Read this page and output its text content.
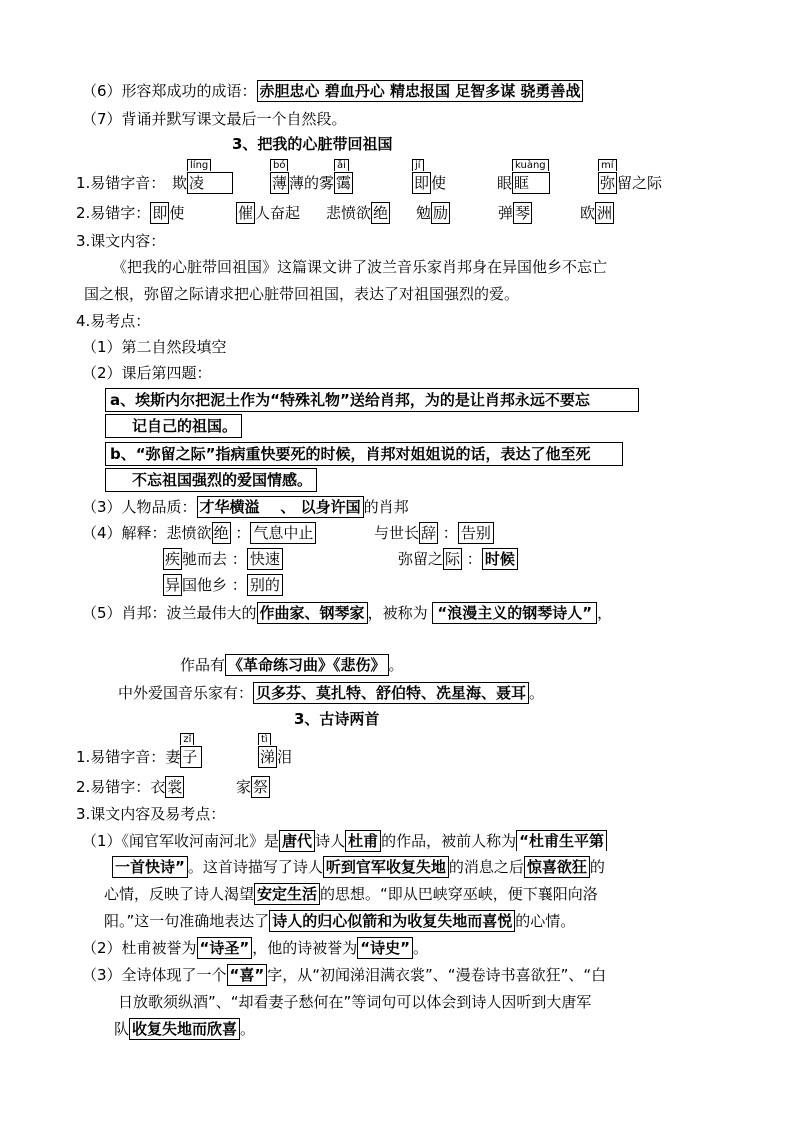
（6）形容郑成功的成语： 赤胆忠心 碧血丹心 精忠报国 足智多谋 骁勇善战
（7）背诵并默写课文最后一个自然段。
3、把我的心脏带回祖国
1.易错字音： 欺
líng
凌
bó
薄 薄的雾
ǎi
霭
jí
即 使	眼
kuàng
眶
mí
弥 留之际
2.易错字： 即 使	催 人奋起 悲愤欲 绝 勉 励	弹 琴	欧 洲
3.课文内容：
《把我的心脏带回祖国》这篇课文讲了波兰音乐家肖邦身在异国他乡不忘亡
国之根，弥留之际请求把心脏带回祖国，表达了对祖国强烈的爱。
4.易考点：
（1）第二自然段填空
（2）课后第四题：
a、埃斯内尔把泥土作为“特殊礼物”送给肖邦，为的是让肖邦永远不要忘
记自己的祖国。
b、“弥留之际”指病重快要死的时候，肖邦对姐姐说的话，表达了他至死
不忘祖国强烈的爱国情感。
（3）人物品质： 才华横溢    、 以身许国 的肖邦
（4）解释：悲愤欲 绝 ： 气息中止	与世长 辞 ： 告别
疾 驰而去 ： 快速	弥留之 际 ： 时候
异 国他乡 ： 别的
（5）肖邦：波兰最伟大的 作曲家、钢琴家 ，被称为 “浪漫主义的钢琴诗人” ，
作品有 《革命练习曲》《悲伤》 。
中外爱国音乐家有： 贝多芬、莫扎特、舒伯特、冼星海、聂耳 。
3、古诗两首
1.易错字音：妻
zǐ
子
tì
涕 泪
2.易错字：衣 裳	家 祭
3.课文内容及易考点：
（1）《闻官军收河南河北》是 唐代 诗人 杜甫 的作品，被前人称为 “杜甫生平第
一首快诗” 。这首诗描写了诗人 听到官军收复失地 的消息之后 惊喜欲狂 的
心情，反映了诗人渴望 安定生活 的思想。“即从巴峡穿巫峡，便下襄阳向洛
阳。”这一句准确地表达了 诗人的归心似箭和为收复失地而喜悦 的心情。
（2）杜甫被誉为 “诗圣” ，他的诗被誉为 “诗史” 。
（3）全诗体现了一个 “喜” 字，从“初闻涕泪满衣裳”、“漫卷诗书喜欲狂”、“白
日放歌须纵酒”、“却看妻子愁何在”等词句可以体会到诗人因听到大唐军
队 收复失地而欣喜 。
